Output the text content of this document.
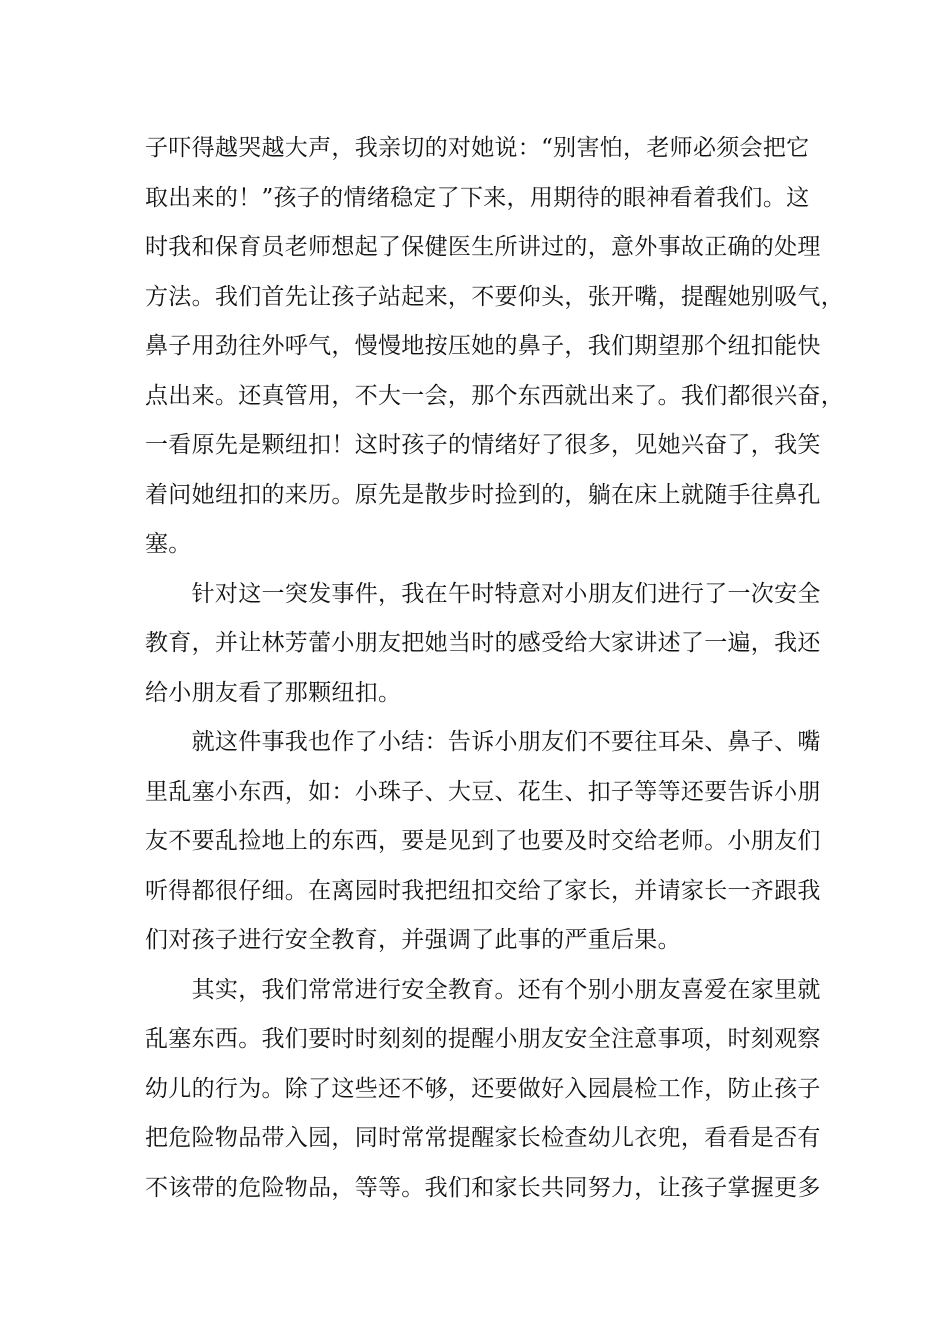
子吓得越哭越大声，我亲切的对她说：“别害怕，老师必须会把它
取出来的！”孩子的情绪稳定了下来，用期待的眼神看着我们。这
时我和保育员老师想起了保健医生所讲过的，意外事故正确的处理
方法。我们首先让孩子站起来，不要仰头，张开嘴，提醒她别吸气，
鼻子用劲往外呼气，慢慢地按压她的鼻子，我们期望那个纽扣能快
点出来。还真管用，不大一会，那个东西就出来了。我们都很兴奋，
一看原先是颗纽扣！这时孩子的情绪好了很多，见她兴奋了，我笑
着问她纽扣的来历。原先是散步时捡到的，躺在床上就随手往鼻孔
塞。
　　针对这一突发事件，我在午时特意对小朋友们进行了一次安全
教育，并让林芳蕾小朋友把她当时的感受给大家讲述了一遍，我还
给小朋友看了那颗纽扣。
　　就这件事我也作了小结：告诉小朋友们不要往耳朵、鼻子、嘴
里乱塞小东西，如：小珠子、大豆、花生、扣子等等还要告诉小朋
友不要乱捡地上的东西，要是见到了也要及时交给老师。小朋友们
听得都很仔细。在离园时我把纽扣交给了家长，并请家长一齐跟我
们对孩子进行安全教育，并强调了此事的严重后果。
　　其实，我们常常进行安全教育。还有个别小朋友喜爱在家里就
乱塞东西。我们要时时刻刻的提醒小朋友安全注意事项，时刻观察
幼儿的行为。除了这些还不够，还要做好入园晨检工作，防止孩子
把危险物品带入园，同时常常提醒家长检查幼儿衣兜，看看是否有
不该带的危险物品，等等。我们和家长共同努力，让孩子掌握更多
